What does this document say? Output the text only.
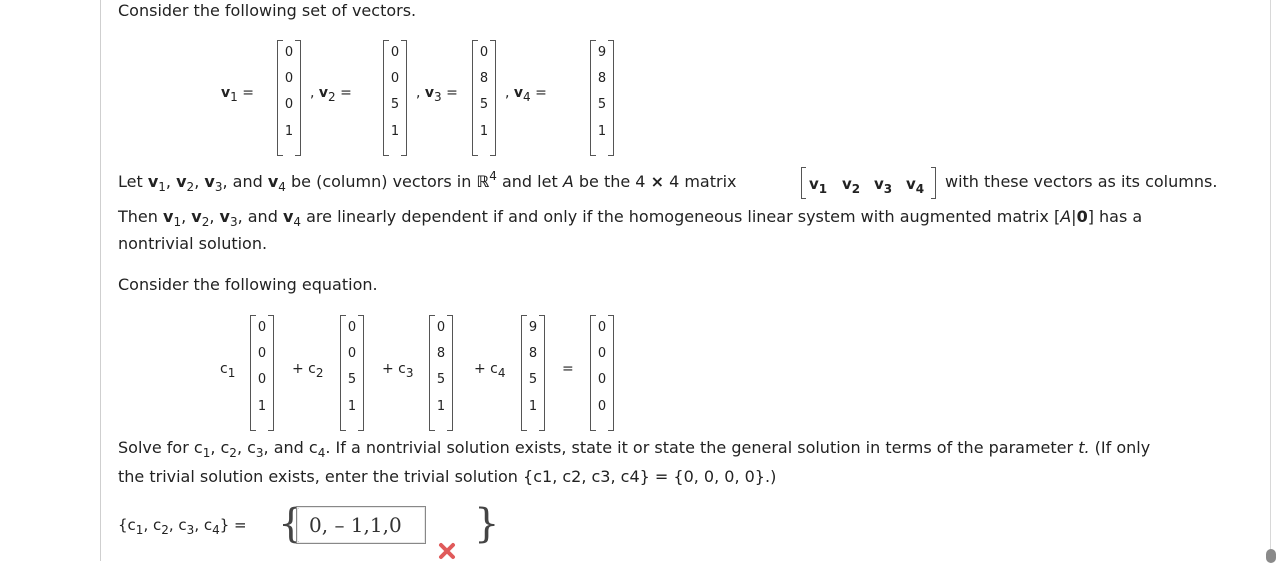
Consider the following set of vectors.
$v_1$ =
0
0
0
1
, $v_2$ =
0
0
5
1
, $v_3$ =
0
8
5
1
, $v_4$ =
9
8
5
1
Let $v_1$, $v_2$, $v_3$, and $v_4$ be (column) vectors in ℝ$^4$ and let A be the 4 × 4 matrix	$v_1$ $v_2$ $v_3$ $v_4$ with these vectors as its columns.
Then $v_1$, $v_2$, $v_3$, and $v_4$ are linearly dependent if and only if the homogeneous linear system with augmented matrix [A|0] has a
nontrivial solution.
Consider the following equation.
$c_1$
0
0
0
1
+ $c_2$
0
0
5
1
+ $c_3$
0
8
5
1
+ $c_4$
9
8
5
1
=
0
0
0
0
Solve for $c_1$, $c_2$, $c_3$, and $c_4$. If a nontrivial solution exists, state it or state the general solution in terms of the parameter t. (If only
the trivial solution exists, enter the trivial solution {c1, c2, c3, c4} = {0, 0, 0, 0}.)
{$c_1$, $c_2$, $c_3$, $c_4$} = { 0, – 1,1,0 }
